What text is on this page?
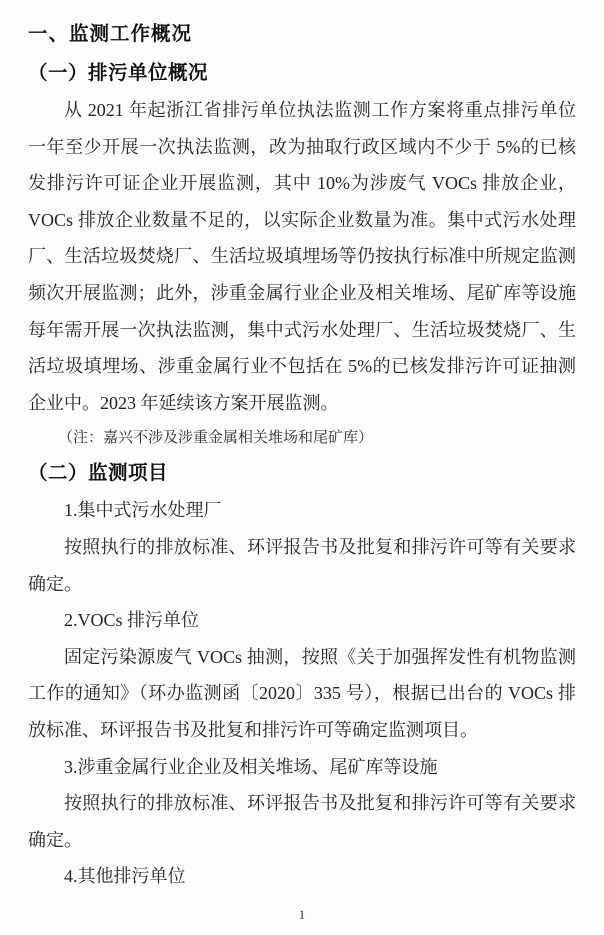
一、监测工作概况
（一）排污单位概况
从 2021 年起浙江省排污单位执法监测工作方案将重点排污单位一年至少开展一次执法监测，改为抽取行政区域内不少于 5%的已核发排污许可证企业开展监测，其中 10%为涉废气 VOCs 排放企业，VOCs 排放企业数量不足的，以实际企业数量为准。集中式污水处理厂、生活垃圾焚烧厂、生活垃圾填埋场等仍按执行标准中所规定监测频次开展监测；此外，涉重金属行业企业及相关堆场、尾矿库等设施每年需开展一次执法监测，集中式污水处理厂、生活垃圾焚烧厂、生活垃圾填埋场、涉重金属行业不包括在 5%的已核发排污许可证抽测企业中。2023 年延续该方案开展监测。
（注：嘉兴不涉及涉重金属相关堆场和尾矿库）
（二）监测项目
1.集中式污水处理厂
按照执行的排放标准、环评报告书及批复和排污许可等有关要求确定。
2.VOCs 排污单位
固定污染源废气 VOCs 抽测，按照《关于加强挥发性有机物监测工作的通知》（环办监测函〔2020〕335 号），根据已出台的 VOCs 排放标准、环评报告书及批复和排污许可等确定监测项目。
3.涉重金属行业企业及相关堆场、尾矿库等设施
按照执行的排放标准、环评报告书及批复和排污许可等有关要求确定。
4.其他排污单位
1
